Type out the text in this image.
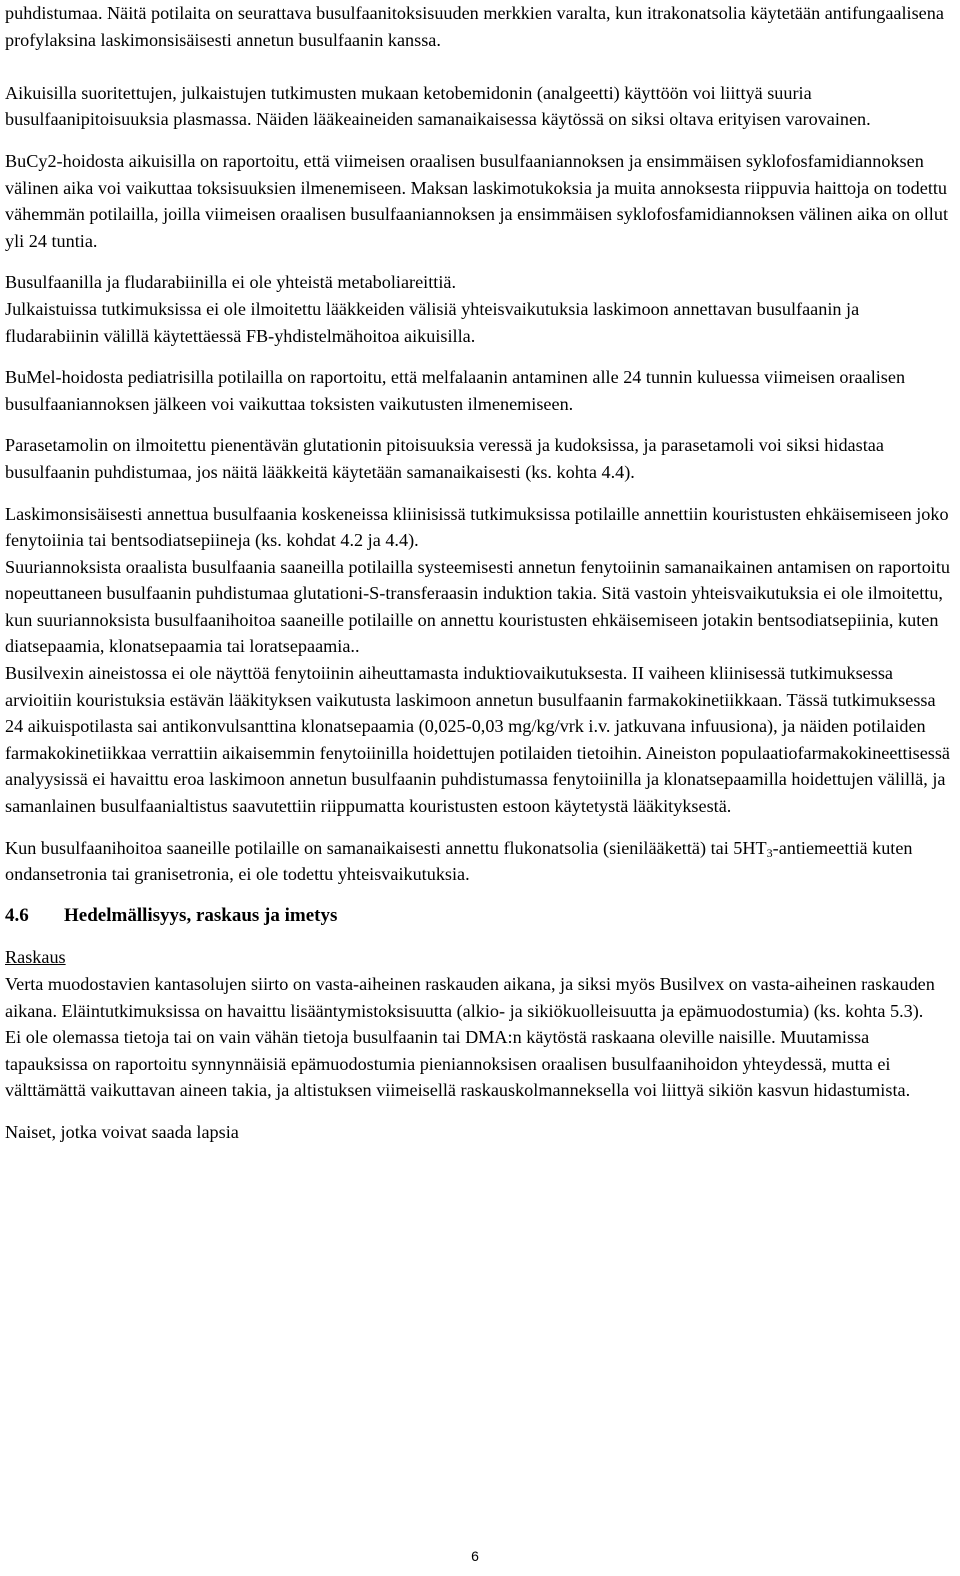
puhdistumaa. Näitä potilaita on seurattava busulfaanitoksisuuden merkkien varalta, kun itrakonatsolia käytetään antifungaalisena profylaksina laskimonsisäisesti annetun busulfaanin kanssa.

Aikuisilla suoritettujen, julkaistujen tutkimusten mukaan ketobemidonin (analgeetti) käyttöön voi liittyä suuria busulfaanipitoisuuksia plasmassa. Näiden lääkeaineiden samanaikaisessa käytössä on siksi oltava erityisen varovainen.

BuCy2-hoidosta aikuisilla on raportoitu, että viimeisen oraalisen busulfaaniannoksen ja ensimmäisen syklofosfamidiannoksen välinen aika voi vaikuttaa toksisuuksien ilmenemiseen. Maksan laskimotukoksia ja muita annoksesta riippuvia haittoja on todettu vähemmän potilailla, joilla viimeisen oraalisen busulfaaniannoksen ja ensimmäisen syklofosfamidiannoksen välinen aika on ollut yli 24 tuntia.

Busulfaanilla ja fludarabiinilla ei ole yhteistä metaboliareittiä.

Julkaistuissa tutkimuksissa ei ole ilmoitettu lääkkeiden välisiä yhteisvaikutuksia laskimoon annettavan busulfaanin ja fludarabiinin välillä käytettäessä FB-yhdistelmähoitoa aikuisilla.

BuMel-hoidosta pediatrisilla potilailla on raportoitu, että melfalaanin antaminen alle 24 tunnin kuluessa viimeisen oraalisen busulfaaniannoksen jälkeen voi vaikuttaa toksisten vaikutusten ilmenemiseen.

Parasetamolin on ilmoitettu pienentävän glutationin pitoisuuksia veressä ja kudoksissa, ja parasetamoli voi siksi hidastaa busulfaanin puhdistumaa, jos näitä lääkkeitä käytetään samanaikaisesti (ks. kohta 4.4).

Laskimonsisäisesti annettua busulfaania koskeneissa kliinisissä tutkimuksissa potilaille annettiin kouristusten ehkäisemiseen joko fenytoiinia tai bentsodiatsepiineja (ks. kohdat 4.2 ja 4.4).

Suuriannoksista oraalista busulfaania saaneilla potilailla systeemisesti annetun fenytoiinin samanaikainen antamisen on raportoitu nopeuttaneen busulfaanin puhdistumaa glutationi-S-transferaasin induktion takia. Sitä vastoin yhteisvaikutuksia ei ole ilmoitettu, kun suuriannoksista busulfaanihoitoa saaneille potilaille on annettu kouristusten ehkäisemiseen jotakin bentsodiatsepiinia, kuten diatsepaamia, klonatsepaamia tai loratsepaamia..

Busilvexin aineistossa ei ole näyttöä fenytoiinin aiheuttamasta induktiovaikutuksesta. II vaiheen kliinisessä tutkimuksessa arvioitiin kouristuksia estävän lääkityksen vaikutusta laskimoon annetun busulfaanin farmakokinetiikkaan. Tässä tutkimuksessa 24 aikuispotilasta sai antikonvulsanttina klonatsepaamia (0,025-0,03 mg/kg/vrk i.v. jatkuvana infuusiona), ja näiden potilaiden farmakokinetiikkaa verrattiin aikaisemmin fenytoiinilla hoidettujen potilaiden tietoihin. Aineiston populaatiofarmakokineettisessä analyysissä ei havaittu eroa laskimoon annetun busulfaanin puhdistumassa fenytoiinilla ja klonatsepaamilla hoidettujen välillä, ja samanlainen busulfaanialtistus saavutettiin riippumatta kouristusten estoon käytetystä lääkityksestä.

Kun busulfaanihoitoa saaneille potilaille on samanaikaisesti annettu flukonatsolia (sienilääkettä) tai $5HT_3$-antiemeettiä kuten ondansetronia tai granisetronia, ei ole todettu yhteisvaikutuksia.

4.6 Hedelmällisyys, raskaus ja imetys

Raskaus

Verta muodostavien kantasolujen siirto on vasta-aiheinen raskauden aikana, ja siksi myös Busilvex on vasta-aiheinen raskauden aikana. Eläintutkimuksissa on havaittu lisääntymistoksisuutta (alkio- ja sikiökuolleisuutta ja epämuodostumia) (ks. kohta 5.3).

Ei ole olemassa tietoja tai on vain vähän tietoja busulfaanin tai DMA:n käytöstä raskaana oleville naisille. Muutamissa tapauksissa on raportoitu synnynnäisiä epämuodostumia pieniannoksisen oraalisen busulfaanihoidon yhteydessä, mutta ei välttämättä vaikuttavan aineen takia, ja altistuksen viimeisellä raskauskolmanneksella voi liittyä sikiön kasvun hidastumista.

Naiset, jotka voivat saada lapsia

6
